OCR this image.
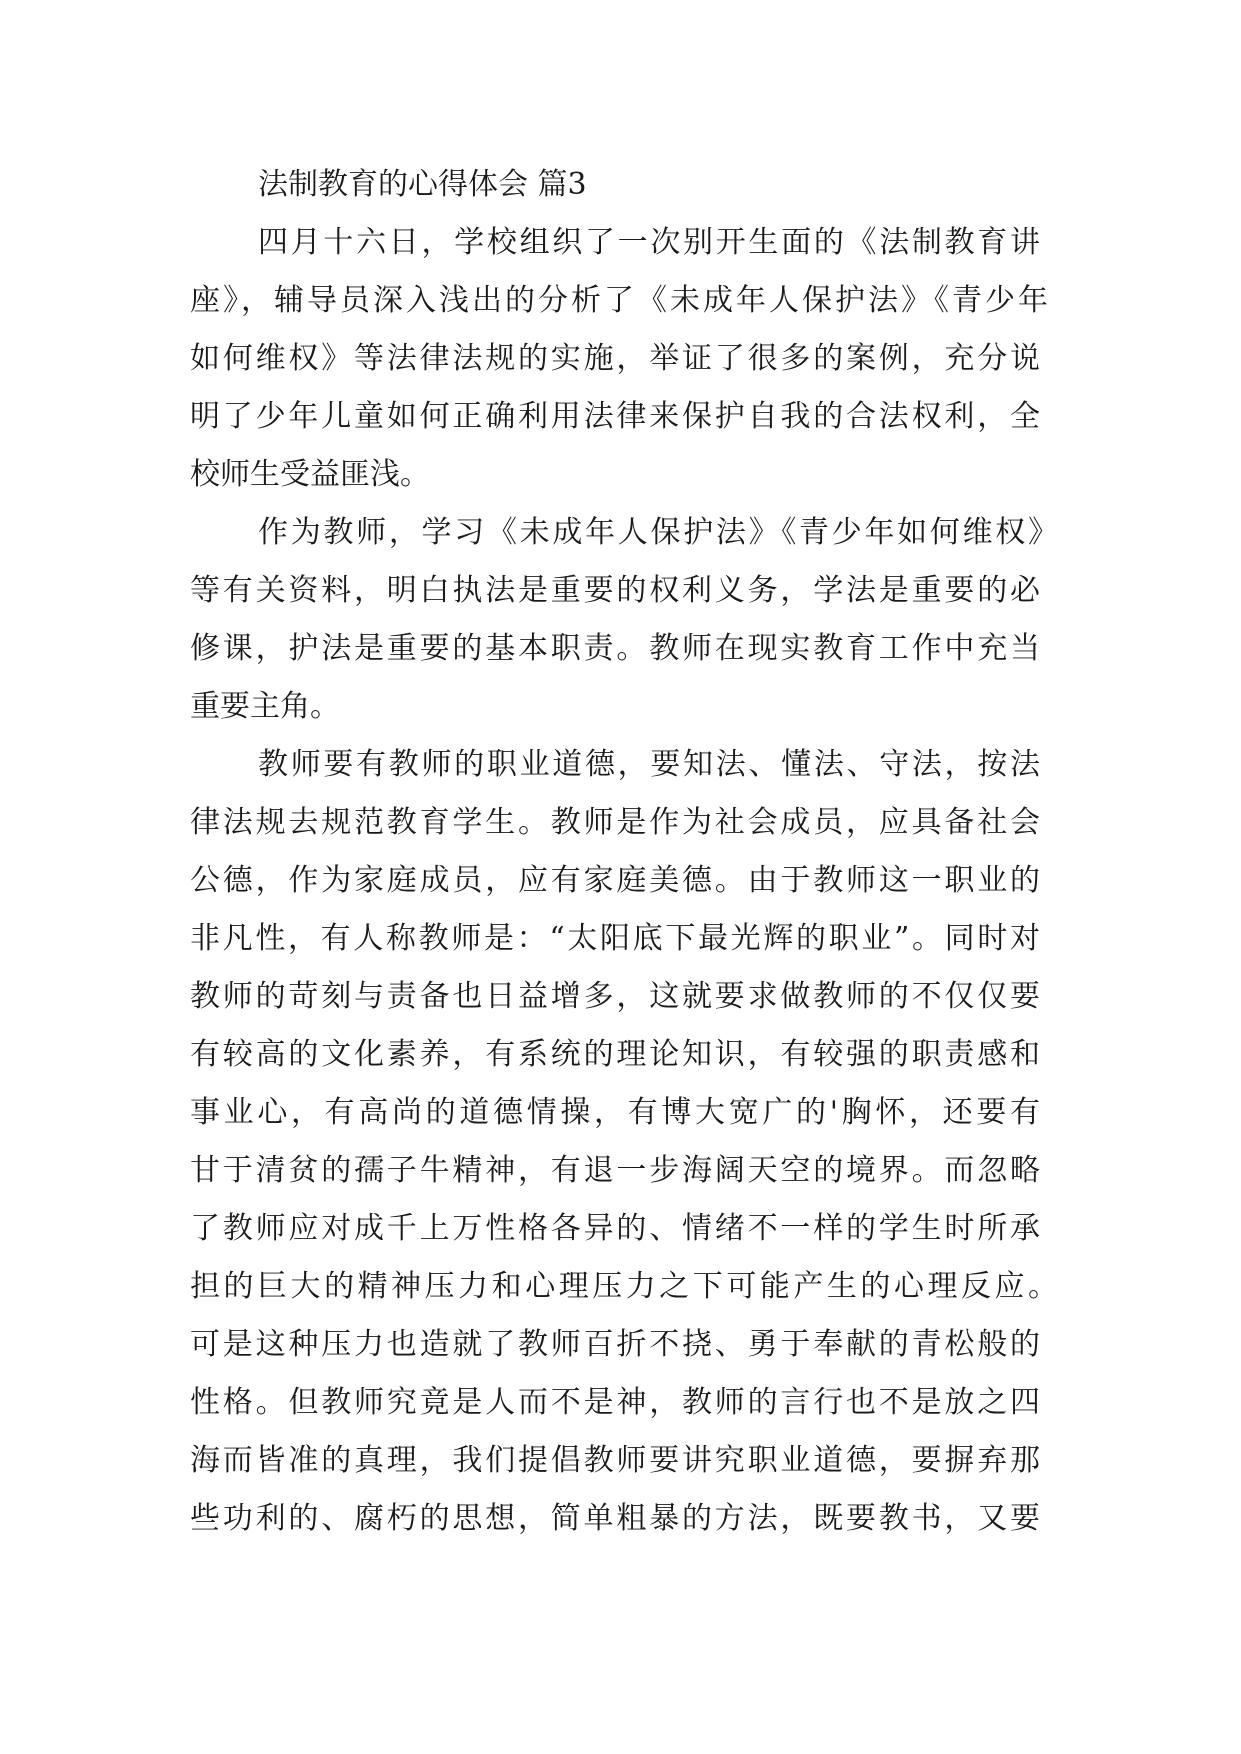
法制教育的心得体会 篇3
四月十六日，学校组织了一次别开生面的《法制教育讲
座》，辅导员深入浅出的分析了《未成年人保护法》《青少年
如何维权》等法律法规的实施，举证了很多的案例，充分说
明了少年儿童如何正确利用法律来保护自我的合法权利，全
校师生受益匪浅。
作为教师，学习《未成年人保护法》《青少年如何维权》
等有关资料，明白执法是重要的权利义务，学法是重要的必
修课，护法是重要的基本职责。教师在现实教育工作中充当
重要主角。
教师要有教师的职业道德，要知法、懂法、守法，按法
律法规去规范教育学生。教师是作为社会成员，应具备社会
公德，作为家庭成员，应有家庭美德。由于教师这一职业的
非凡性，有人称教师是：“太阳底下最光辉的职业”。同时对
教师的苛刻与责备也日益增多，这就要求做教师的不仅仅要
有较高的文化素养，有系统的理论知识，有较强的职责感和
事业心，有高尚的道德情操，有博大宽广的'胸怀，还要有
甘于清贫的孺子牛精神，有退一步海阔天空的境界。而忽略
了教师应对成千上万性格各异的、情绪不一样的学生时所承
担的巨大的精神压力和心理压力之下可能产生的心理反应。
可是这种压力也造就了教师百折不挠、勇于奉献的青松般的
性格。但教师究竟是人而不是神，教师的言行也不是放之四
海而皆准的真理，我们提倡教师要讲究职业道德，要摒弃那
些功利的、腐朽的思想，简单粗暴的方法，既要教书，又要
